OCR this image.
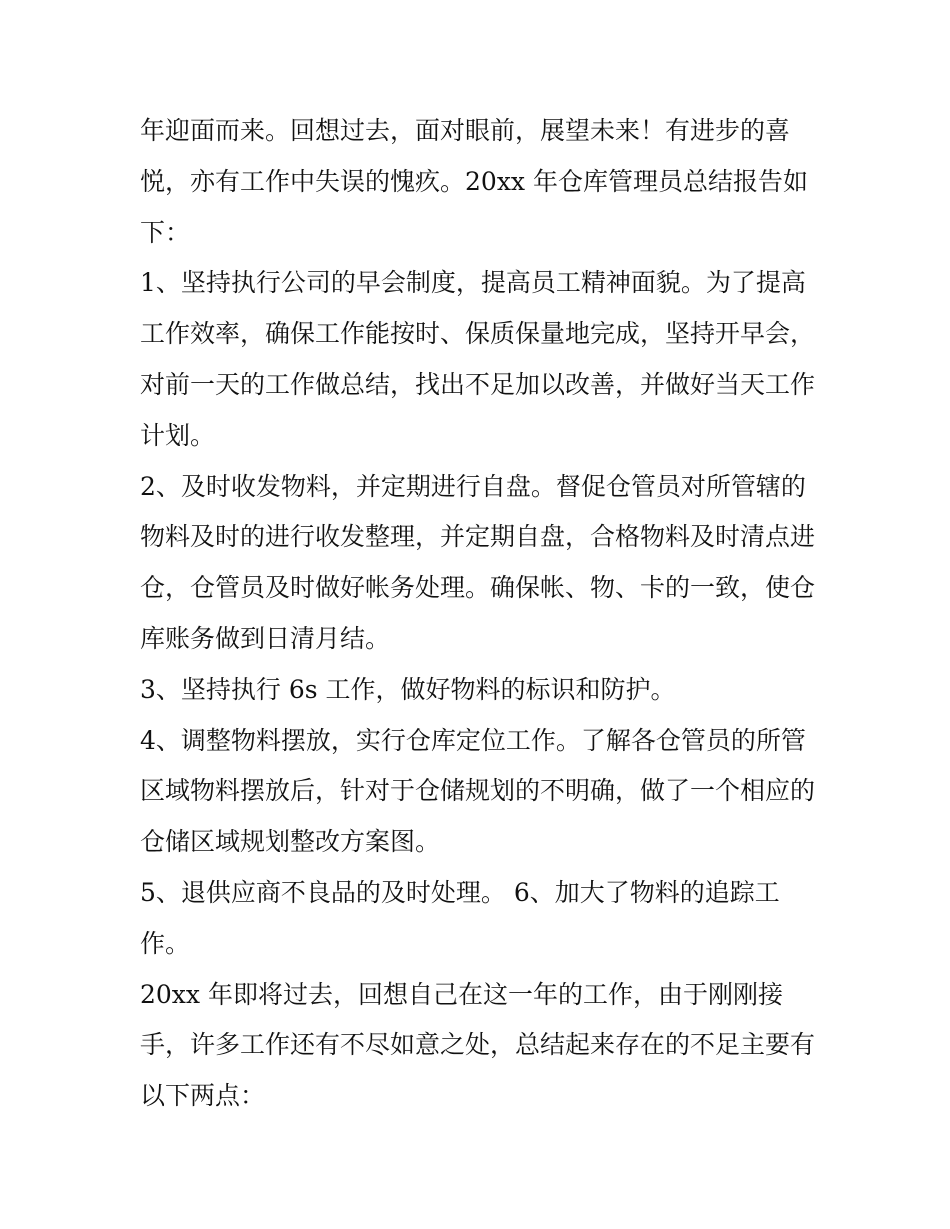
年迎面而来。回想过去，面对眼前，展望未来！有进步的喜
悦，亦有工作中失误的愧疚。20xx 年仓库管理员总结报告如
下：
1、坚持执行公司的早会制度，提高员工精神面貌。为了提高
工作效率，确保工作能按时、保质保量地完成，坚持开早会，
对前一天的工作做总结，找出不足加以改善，并做好当天工作
计划。
2、及时收发物料，并定期进行自盘。督促仓管员对所管辖的
物料及时的进行收发整理，并定期自盘，合格物料及时清点进
仓，仓管员及时做好帐务处理。确保帐、物、卡的一致，使仓
库账务做到日清月结。
3、坚持执行 6s 工作，做好物料的标识和防护。
4、调整物料摆放，实行仓库定位工作。了解各仓管员的所管
区域物料摆放后，针对于仓储规划的不明确，做了一个相应的
仓储区域规划整改方案图。
5、退供应商不良品的及时处理。 6、加大了物料的追踪工
作。
20xx 年即将过去，回想自己在这一年的工作，由于刚刚接
手，许多工作还有不尽如意之处，总结起来存在的不足主要有
以下两点：
